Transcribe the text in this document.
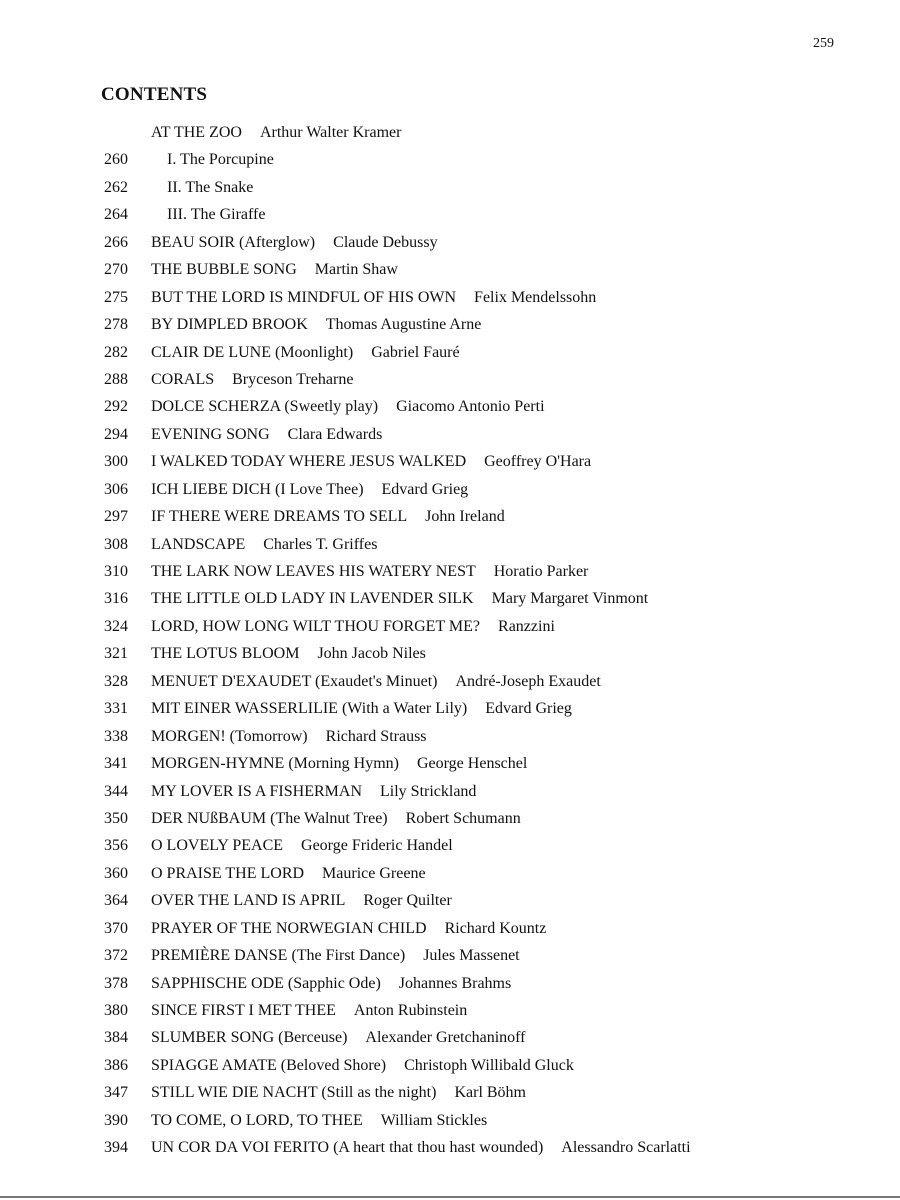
259
CONTENTS
AT THE ZOO Arthur Walter Kramer
260	I. The Porcupine
262	II. The Snake
264	III. The Giraffe
266	BEAU SOIR (Afterglow) Claude Debussy
270	THE BUBBLE SONG Martin Shaw
275	BUT THE LORD IS MINDFUL OF HIS OWN Felix Mendelssohn
278	BY DIMPLED BROOK Thomas Augustine Arne
282	CLAIR DE LUNE (Moonlight) Gabriel Fauré
288	CORALS Bryceson Treharne
292	DOLCE SCHERZA (Sweetly play) Giacomo Antonio Perti
294	EVENING SONG Clara Edwards
300	I WALKED TODAY WHERE JESUS WALKED Geoffrey O'Hara
306	ICH LIEBE DICH (I Love Thee) Edvard Grieg
297	IF THERE WERE DREAMS TO SELL John Ireland
308	LANDSCAPE Charles T. Griffes
310	THE LARK NOW LEAVES HIS WATERY NEST Horatio Parker
316	THE LITTLE OLD LADY IN LAVENDER SILK Mary Margaret Vinmont
324	LORD, HOW LONG WILT THOU FORGET ME? Ranzzini
321	THE LOTUS BLOOM John Jacob Niles
328	MENUET D'EXAUDET (Exaudet's Minuet) André-Joseph Exaudet
331	MIT EINER WASSERLILIE (With a Water Lily) Edvard Grieg
338	MORGEN! (Tomorrow) Richard Strauss
341	MORGEN-HYMNE (Morning Hymn) George Henschel
344	MY LOVER IS A FISHERMAN Lily Strickland
350	DER NUßBAUM (The Walnut Tree) Robert Schumann
356	O LOVELY PEACE George Frideric Handel
360	O PRAISE THE LORD Maurice Greene
364	OVER THE LAND IS APRIL Roger Quilter
370	PRAYER OF THE NORWEGIAN CHILD Richard Kountz
372	PREMIÈRE DANSE (The First Dance) Jules Massenet
378	SAPPHISCHE ODE (Sapphic Ode) Johannes Brahms
380	SINCE FIRST I MET THEE Anton Rubinstein
384	SLUMBER SONG (Berceuse) Alexander Gretchaninoff
386	SPIAGGE AMATE (Beloved Shore) Christoph Willibald Gluck
347	STILL WIE DIE NACHT (Still as the night) Karl Böhm
390	TO COME, O LORD, TO THEE William Stickles
394	UN COR DA VOI FERITO (A heart that thou hast wounded) Alessandro Scarlatti
